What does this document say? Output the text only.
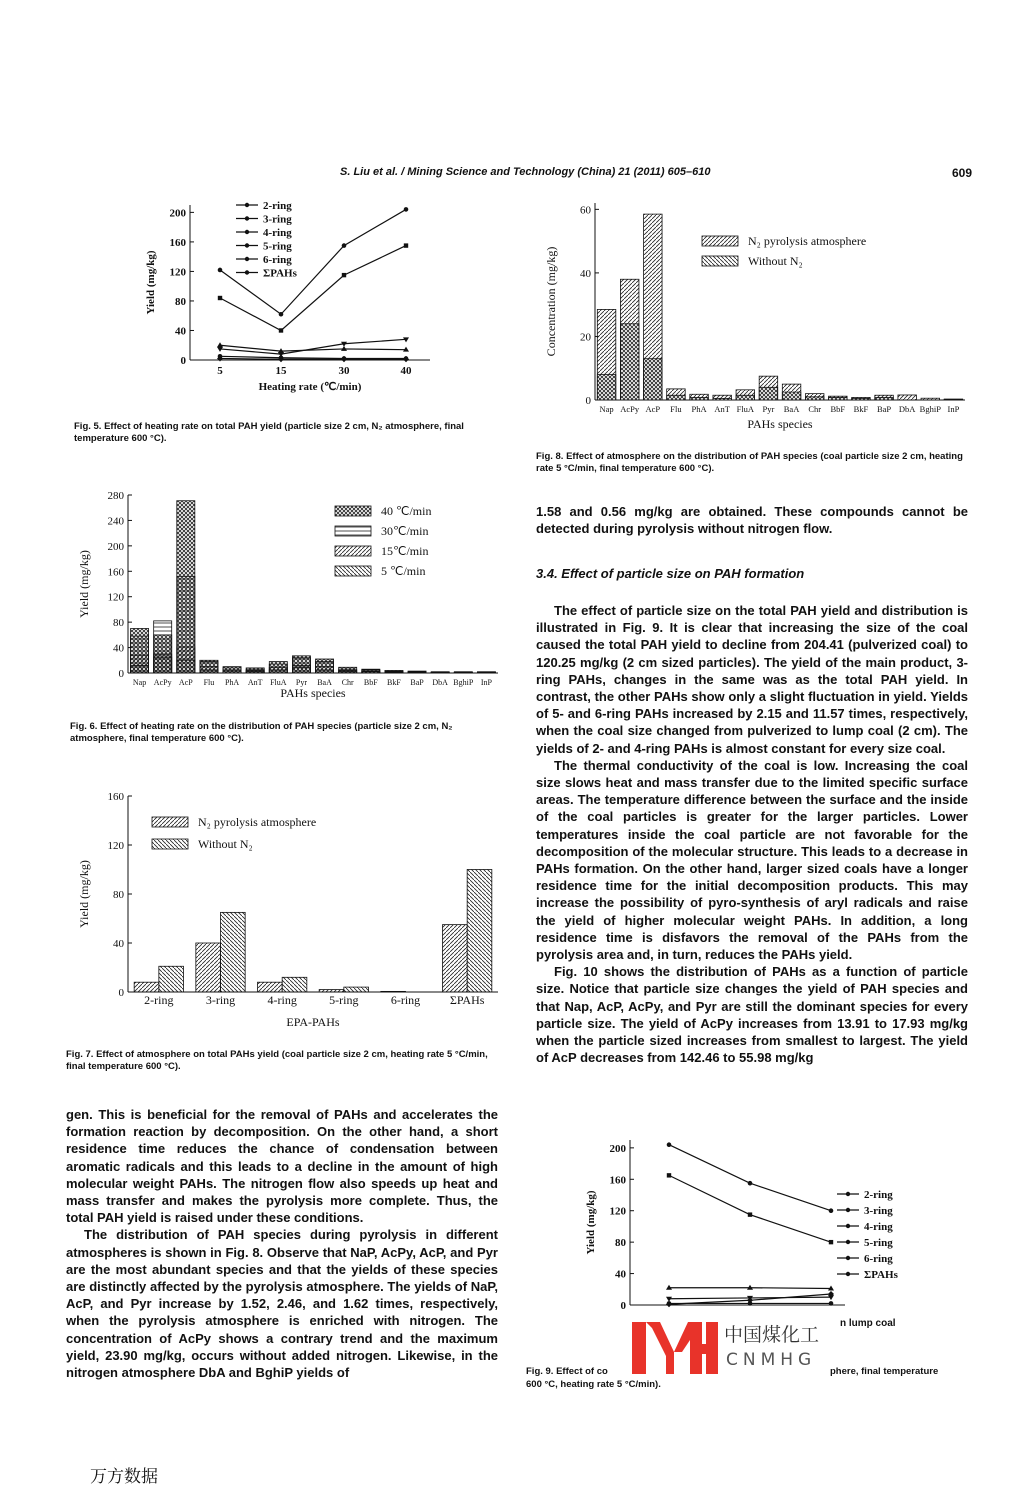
S. Liu et al. / Mining Science and Technology (China) 21 (2011) 605–610	609
0
40
80
120
160
200
5	15	30	40
Heating rate (℃/min)
Yield (mg/kg)
2-ring
3-ring
4-ring
5-ring
6-ring
ΣPAHs
Fig. 5. Effect of heating rate on total PAH yield (particle size 2 cm, N₂ atmosphere, final temperature 600 °C).
0
40
80
120
160
200
240
280
Nap AcPy AcP Flu PhA AnT FluA Pyr BaA Chr BbF BkF BaP DbA BghiP InP
PAHs species
Yield (mg/kg)
40 ℃/min
30℃/min
15℃/min
5 ℃/min
Fig. 6. Effect of heating rate on the distribution of PAH species (particle size 2 cm, N₂ atmosphere, final temperature 600 °C).
0
40
80
120
160
2-ring	3-ring	4-ring	5-ring	6-ring ΣPAHs
EPA-PAHs
Yield (mg/kg)
N₂ pyrolysis atmosphere
Without N₂
Fig. 7. Effect of atmosphere on total PAHs yield (coal particle size 2 cm, heating rate 5 °C/min, final temperature 600 °C).
0
20
40
60
Nap AcPy AcP Flu PhA AnT FluA Pyr BaA Chr BbF BkF BaP DbA BghiP InP
PAHs species
Concentration (mg/kg)
N₂ pyrolysis atmosphere
Without N₂
Fig. 8. Effect of atmosphere on the distribution of PAH species (coal particle size 2 cm, heating rate 5 °C/min, final temperature 600 °C).
0
40
80
120
160
200
Yield (mg/kg)	2-ring
3-ring
4-ring
5-ring
6-ring
ΣPAHs

gen. This is beneficial for the removal of PAHs and accelerates the formation reaction by decomposition. On the other hand, a short residence time reduces the chance of condensation between aromatic radicals and this leads to a decline in the amount of high molecular weight PAHs. The nitrogen flow also speeds up heat and mass transfer and makes the pyrolysis more complete. Thus, the total PAH yield is raised under these conditions.

The distribution of PAH species during pyrolysis in different atmospheres is shown in Fig. 8. Observe that NaP, AcPy, AcP, and Pyr are the most abundant species and that the yields of these species are distinctly affected by the pyrolysis atmosphere. The yields of NaP, AcP, and Pyr increase by 1.52, 2.46, and 1.62 times, respectively, when the pyrolysis atmosphere is enriched with nitrogen. The concentration of AcPy shows a contrary trend and the maximum yield, 23.90 mg/kg, occurs without added nitrogen. Likewise, in the nitrogen atmosphere DbA and BghiP yields of

1.58 and 0.56 mg/kg are obtained. These compounds cannot be detected during pyrolysis without nitrogen flow.
3.4. Effect of particle size on PAH formation

The effect of particle size on the total PAH yield and distribution is illustrated in Fig. 9. It is clear that increasing the size of the coal caused the total PAH yield to decline from 204.41 (pulverized coal) to 120.25 mg/kg (2 cm sized particles). The yield of the main product, 3-ring PAHs, changes in the same was as the total PAH yield. In contrast, the other PAHs show only a slight fluctuation in yield. Yields of 5- and 6-ring PAHs increased by 2.15 and 11.57 times, respectively, when the coal size changed from pulverized to lump coal (2 cm). The yields of 2- and 4-ring PAHs is almost constant for every size coal.

The thermal conductivity of the coal is low. Increasing the coal size slows heat and mass transfer due to the limited specific surface areas. The temperature difference between the surface and the inside of the coal particles is greater for the larger particles. Lower temperatures inside the coal particle are not favorable for the decomposition of the molecular structure. This leads to a decrease in PAHs formation. On the other hand, larger sized coals have a longer residence time for the initial decomposition products. This may increase the possibility of pyro-synthesis of aryl radicals and raise the yield of higher molecular weight PAHs. In addition, a long residence time is disfavors the removal of the PAHs from the pyrolysis area and, in turn, reduces the PAHs yield.

Fig. 10 shows the distribution of PAHs as a function of particle size. Notice that particle size changes the yield of PAH species and that Nap, AcP, AcPy, and Pyr are still the dominant species for every particle size. The yield of AcPy increases from 13.91 to 17.93 mg/kg when the particle sized increases from smallest to largest. The yield of AcP decreases from 142.46 to 55.98 mg/kg

中国煤化工
CNMHG
n lump coal
Fig. 9. Effect of co	phere, final temperature
600 °C, heating rate 5 °C/min).
万方数据
